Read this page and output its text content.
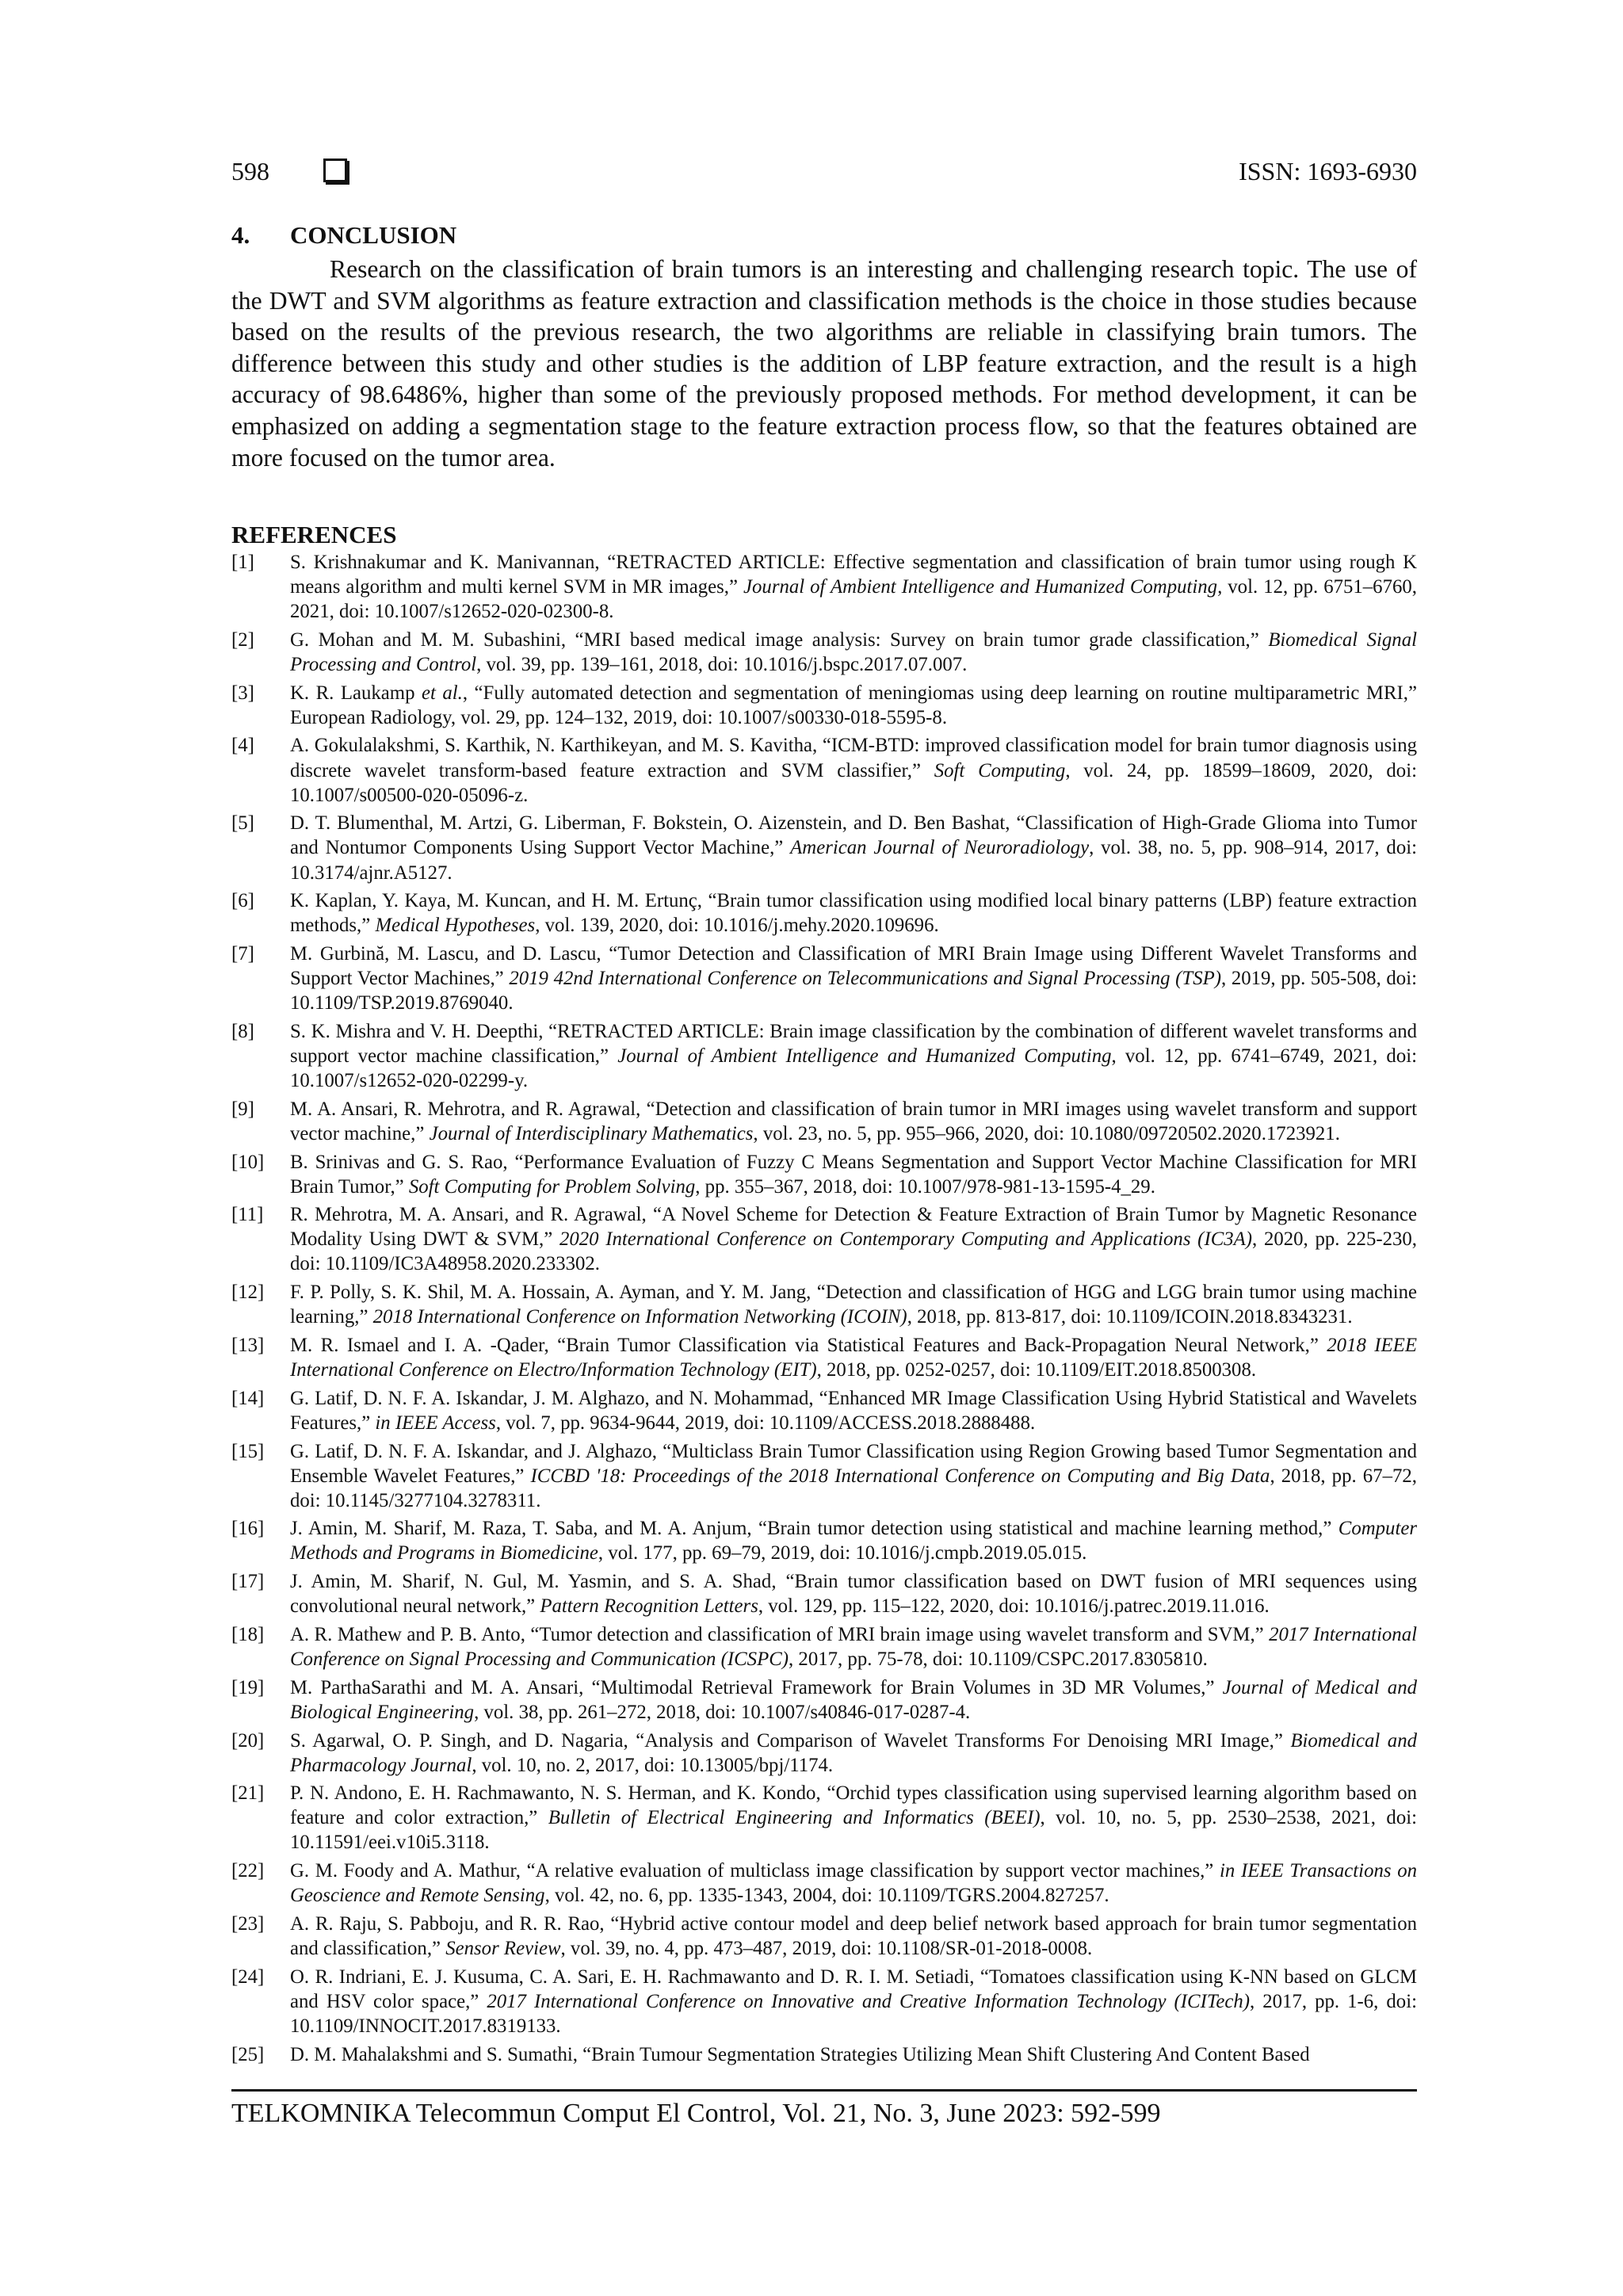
598	ISSN: 1693-6930
4. CONCLUSION

Research on the classification of brain tumors is an interesting and challenging research topic. The use of the DWT and SVM algorithms as feature extraction and classification methods is the choice in those studies because based on the results of the previous research, the two algorithms are reliable in classifying brain tumors. The difference between this study and other studies is the addition of LBP feature extraction, and the result is a high accuracy of 98.6486%, higher than some of the previously proposed methods. For method development, it can be emphasized on adding a segmentation stage to the feature extraction process flow, so that the features obtained are more focused on the tumor area.

REFERENCES
[1] S. Krishnakumar and K. Manivannan, “RETRACTED ARTICLE: Effective segmentation and classification of brain tumor using rough K means algorithm and multi kernel SVM in MR images,” Journal of Ambient Intelligence and Humanized Computing, vol. 12, pp. 6751–6760, 2021, doi: 10.1007/s12652-020-02300-8.
[2] G. Mohan and M. M. Subashini, “MRI based medical image analysis: Survey on brain tumor grade classification,” Biomedical Signal Processing and Control, vol. 39, pp. 139–161, 2018, doi: 10.1016/j.bspc.2017.07.007.
[3] K. R. Laukamp et al., “Fully automated detection and segmentation of meningiomas using deep learning on routine multiparametric MRI,” European Radiology, vol. 29, pp. 124–132, 2019, doi: 10.1007/s00330-018-5595-8.
[4] A. Gokulalakshmi, S. Karthik, N. Karthikeyan, and M. S. Kavitha, “ICM-BTD: improved classification model for brain tumor diagnosis using discrete wavelet transform-based feature extraction and SVM classifier,” Soft Computing, vol. 24, pp. 18599–18609, 2020, doi: 10.1007/s00500-020-05096-z.
[5] D. T. Blumenthal, M. Artzi, G. Liberman, F. Bokstein, O. Aizenstein, and D. Ben Bashat, “Classification of High-Grade Glioma into Tumor and Nontumor Components Using Support Vector Machine,” American Journal of Neuroradiology, vol. 38, no. 5, pp. 908–914, 2017, doi: 10.3174/ajnr.A5127.
[6] K. Kaplan, Y. Kaya, M. Kuncan, and H. M. Ertunç, “Brain tumor classification using modified local binary patterns (LBP) feature extraction methods,” Medical Hypotheses, vol. 139, 2020, doi: 10.1016/j.mehy.2020.109696.
[7] M. Gurbină, M. Lascu, and D. Lascu, “Tumor Detection and Classification of MRI Brain Image using Different Wavelet Transforms and Support Vector Machines,” 2019 42nd International Conference on Telecommunications and Signal Processing (TSP), 2019, pp. 505-508, doi: 10.1109/TSP.2019.8769040.
[8] S. K. Mishra and V. H. Deepthi, “RETRACTED ARTICLE: Brain image classification by the combination of different wavelet transforms and support vector machine classification,” Journal of Ambient Intelligence and Humanized Computing, vol. 12, pp. 6741–6749, 2021, doi: 10.1007/s12652-020-02299-y.
[9] M. A. Ansari, R. Mehrotra, and R. Agrawal, “Detection and classification of brain tumor in MRI images using wavelet transform and support vector machine,” Journal of Interdisciplinary Mathematics, vol. 23, no. 5, pp. 955–966, 2020, doi: 10.1080/09720502.2020.1723921.
[10] B. Srinivas and G. S. Rao, “Performance Evaluation of Fuzzy C Means Segmentation and Support Vector Machine Classification for MRI Brain Tumor,” Soft Computing for Problem Solving, pp. 355–367, 2018, doi: 10.1007/978-981-13-1595-4_29.
[11] R. Mehrotra, M. A. Ansari, and R. Agrawal, “A Novel Scheme for Detection & Feature Extraction of Brain Tumor by Magnetic Resonance Modality Using DWT & SVM,” 2020 International Conference on Contemporary Computing and Applications (IC3A), 2020, pp. 225-230, doi: 10.1109/IC3A48958.2020.233302.
[12] F. P. Polly, S. K. Shil, M. A. Hossain, A. Ayman, and Y. M. Jang, “Detection and classification of HGG and LGG brain tumor using machine learning,” 2018 International Conference on Information Networking (ICOIN), 2018, pp. 813-817, doi: 10.1109/ICOIN.2018.8343231.
[13] M. R. Ismael and I. A. -Qader, “Brain Tumor Classification via Statistical Features and Back-Propagation Neural Network,” 2018 IEEE International Conference on Electro/Information Technology (EIT), 2018, pp. 0252-0257, doi: 10.1109/EIT.2018.8500308.
[14] G. Latif, D. N. F. A. Iskandar, J. M. Alghazo, and N. Mohammad, “Enhanced MR Image Classification Using Hybrid Statistical and Wavelets Features,” in IEEE Access, vol. 7, pp. 9634-9644, 2019, doi: 10.1109/ACCESS.2018.2888488.
[15] G. Latif, D. N. F. A. Iskandar, and J. Alghazo, “Multiclass Brain Tumor Classification using Region Growing based Tumor Segmentation and Ensemble Wavelet Features,” ICCBD '18: Proceedings of the 2018 International Conference on Computing and Big Data, 2018, pp. 67–72, doi: 10.1145/3277104.3278311.
[16] J. Amin, M. Sharif, M. Raza, T. Saba, and M. A. Anjum, “Brain tumor detection using statistical and machine learning method,” Computer Methods and Programs in Biomedicine, vol. 177, pp. 69–79, 2019, doi: 10.1016/j.cmpb.2019.05.015.
[17] J. Amin, M. Sharif, N. Gul, M. Yasmin, and S. A. Shad, “Brain tumor classification based on DWT fusion of MRI sequences using convolutional neural network,” Pattern Recognition Letters, vol. 129, pp. 115–122, 2020, doi: 10.1016/j.patrec.2019.11.016.
[18] A. R. Mathew and P. B. Anto, “Tumor detection and classification of MRI brain image using wavelet transform and SVM,” 2017 International Conference on Signal Processing and Communication (ICSPC), 2017, pp. 75-78, doi: 10.1109/CSPC.2017.8305810.
[19] M. ParthaSarathi and M. A. Ansari, “Multimodal Retrieval Framework for Brain Volumes in 3D MR Volumes,” Journal of Medical and Biological Engineering, vol. 38, pp. 261–272, 2018, doi: 10.1007/s40846-017-0287-4.
[20] S. Agarwal, O. P. Singh, and D. Nagaria, “Analysis and Comparison of Wavelet Transforms For Denoising MRI Image,” Biomedical and Pharmacology Journal, vol. 10, no. 2, 2017, doi: 10.13005/bpj/1174.
[21] P. N. Andono, E. H. Rachmawanto, N. S. Herman, and K. Kondo, “Orchid types classification using supervised learning algorithm based on feature and color extraction,” Bulletin of Electrical Engineering and Informatics (BEEI), vol. 10, no. 5, pp. 2530–2538, 2021, doi: 10.11591/eei.v10i5.3118.
[22] G. M. Foody and A. Mathur, “A relative evaluation of multiclass image classification by support vector machines,” in IEEE Transactions on Geoscience and Remote Sensing, vol. 42, no. 6, pp. 1335-1343, 2004, doi: 10.1109/TGRS.2004.827257.
[23] A. R. Raju, S. Pabboju, and R. R. Rao, “Hybrid active contour model and deep belief network based approach for brain tumor segmentation and classification,” Sensor Review, vol. 39, no. 4, pp. 473–487, 2019, doi: 10.1108/SR-01-2018-0008.
[24] O. R. Indriani, E. J. Kusuma, C. A. Sari, E. H. Rachmawanto and D. R. I. M. Setiadi, “Tomatoes classification using K-NN based on GLCM and HSV color space,” 2017 International Conference on Innovative and Creative Information Technology (ICITech), 2017, pp. 1-6, doi: 10.1109/INNOCIT.2017.8319133.
[25] D. M. Mahalakshmi and S. Sumathi, “Brain Tumour Segmentation Strategies Utilizing Mean Shift Clustering And Content Based
TELKOMNIKA Telecommun Comput El Control, Vol. 21, No. 3, June 2023: 592-599
